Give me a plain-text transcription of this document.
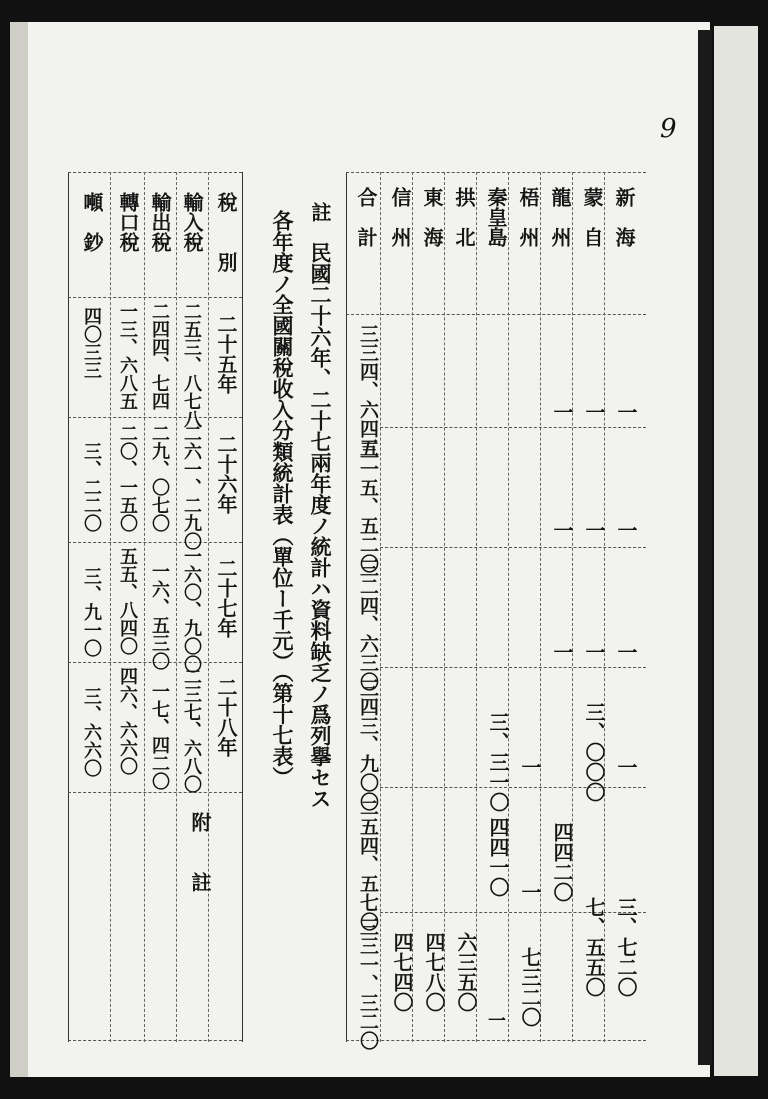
9
新　海
蒙　自
龍　州
梧　州
秦皇島
拱　北
東　海
信　州
合　計
一
一
一
一
三、七二〇
一
一
一
三、〇〇〇
七、五五〇
一
一
一
四四二〇
一
一
七三二〇
三、三一〇
四四一〇
一
六三五〇
四七八〇
四七四〇
三三四、六四五
三一五、五二〇
三二四、六三〇
三四三、九〇〇
二五四、五七〇
三三一、三二〇
註
民國二十六年、二十七兩年度ノ統計ハ資料缺乏ノ爲列擧セス
各年度ノ全國關稅收入分類統計表（單位ー千元）（第十七表）
稅　　別
二十五年
二十六年
二十七年
二十八年
附　　註
輸入稅
二五三、八七八
二六一、二九〇
一六〇、九〇〇
二三七、六八〇
輸出稅
二四四、七四
二九、〇七〇
一六、五三〇
一七、四二〇
轉口稅
一三、六八五
二〇、一五〇
五五、八四〇
四六、六六〇
噸　鈔
四〇三三
三、二二〇
三、九一〇
三、六六〇
